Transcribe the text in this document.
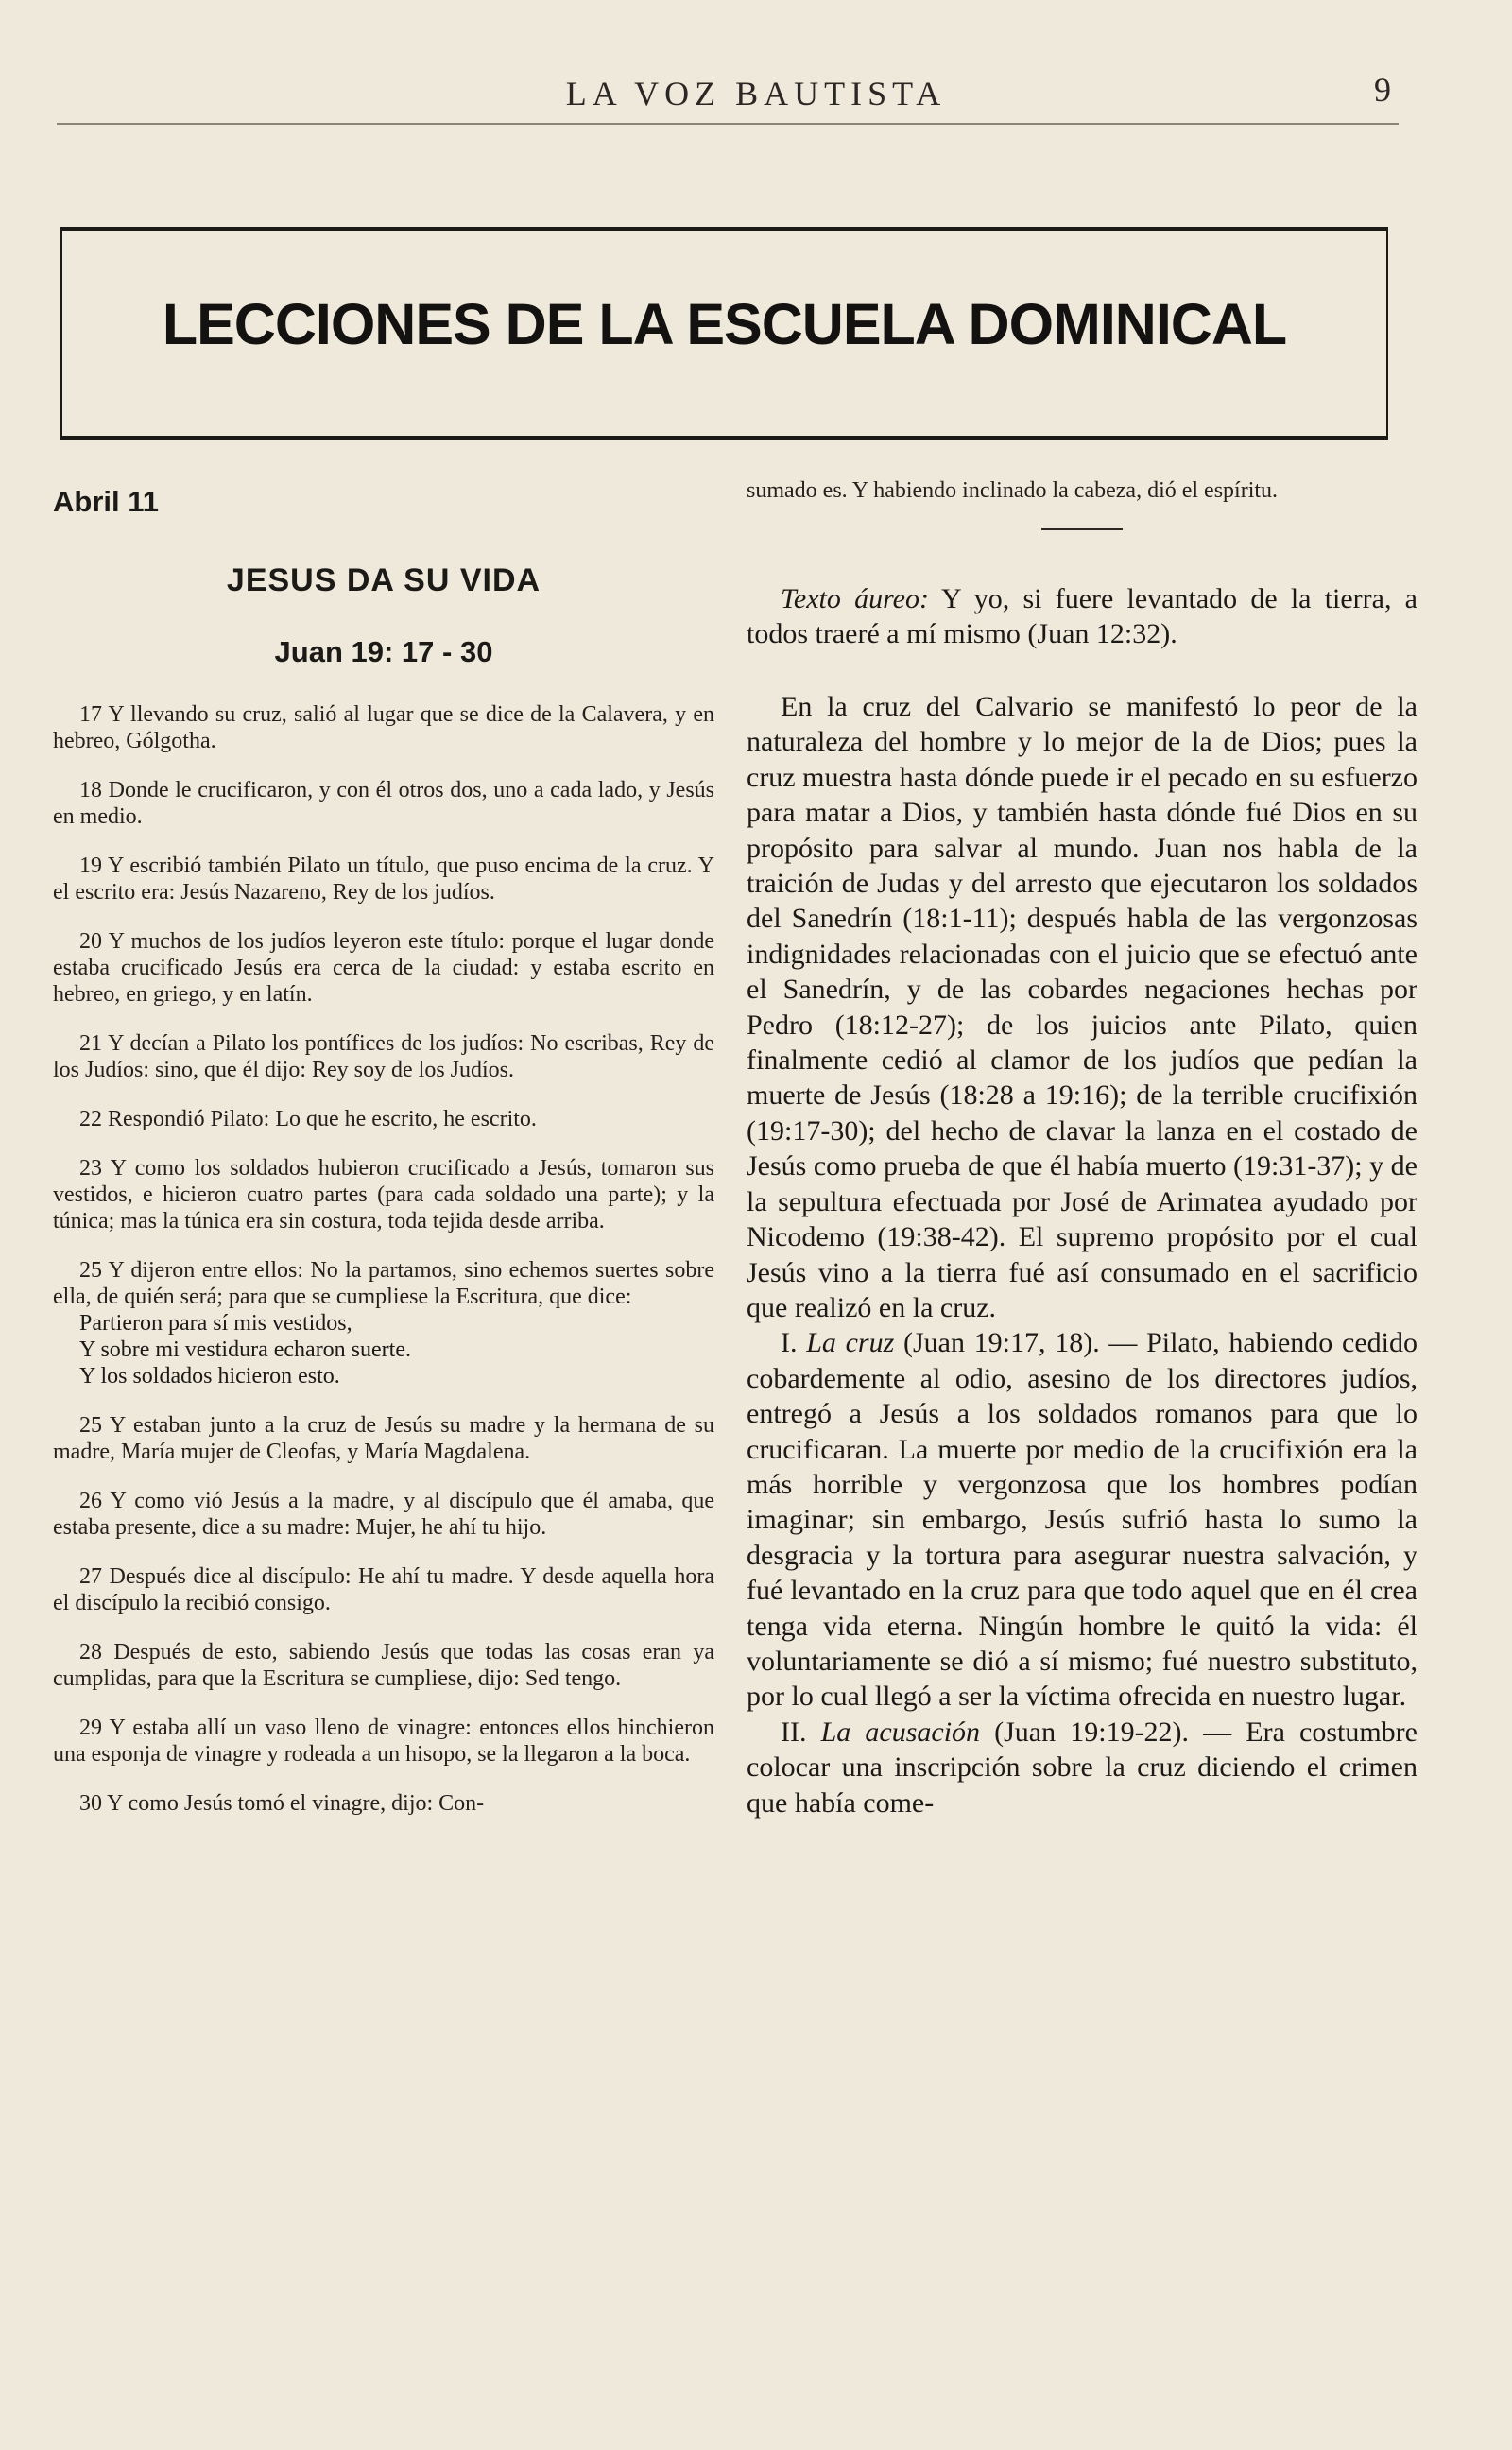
LA VOZ BAUTISTA	9
LECCIONES DE LA ESCUELA DOMINICAL
Abril 11
JESUS DA SU VIDA
Juan 19: 17 - 30

17 Y llevando su cruz, salió al lugar que se dice de la Calavera, y en hebreo, Gólgotha.

18 Donde le crucificaron, y con él otros dos, uno a cada lado, y Jesús en medio.

19 Y escribió también Pilato un título, que puso encima de la cruz. Y el escrito era: Jesús Nazareno, Rey de los judíos.

20 Y muchos de los judíos leyeron este título: porque el lugar donde estaba crucificado Jesús era cerca de la ciudad: y estaba escrito en hebreo, en griego, y en latín.

21 Y decían a Pilato los pontífices de los judíos: No escribas, Rey de los Judíos: sino, que él dijo: Rey soy de los Judíos.

22 Respondió Pilato: Lo que he escrito, he escrito.

23 Y como los soldados hubieron crucificado a Jesús, tomaron sus vestidos, e hicieron cuatro partes (para cada soldado una parte); y la túnica; mas la túnica era sin costura, toda tejida desde arriba.

25 Y dijeron entre ellos: No la partamos, sino echemos suertes sobre ella, de quién será; para que se cumpliese la Escritura, que dice:

Partieron para sí mis vestidos,
Y sobre mi vestidura echaron suerte.
Y los soldados hicieron esto.

25 Y estaban junto a la cruz de Jesús su madre y la hermana de su madre, María mujer de Cleofas, y María Magdalena.

26 Y como vió Jesús a la madre, y al discípulo que él amaba, que estaba presente, dice a su madre: Mujer, he ahí tu hijo.

27 Después dice al discípulo: He ahí tu madre. Y desde aquella hora el discípulo la recibió consigo.

28 Después de esto, sabiendo Jesús que todas las cosas eran ya cumplidas, para que la Escritura se cumpliese, dijo: Sed tengo.

29 Y estaba allí un vaso lleno de vinagre: entonces ellos hinchieron una esponja de vinagre y rodeada a un hisopo, se la llegaron a la boca.

30 Y como Jesús tomó el vinagre, dijo: Con-

sumado es. Y habiendo inclinado la cabeza, dió el espíritu.

Texto áureo: Y yo, si fuere levantado de la tierra, a todos traeré a mí mismo (Juan 12:32).

En la cruz del Calvario se manifestó lo peor de la naturaleza del hombre y lo mejor de la de Dios; pues la cruz muestra hasta dónde puede ir el pecado en su esfuerzo para matar a Dios, y también hasta dónde fué Dios en su propósito para salvar al mundo. Juan nos habla de la traición de Judas y del arresto que ejecutaron los soldados del Sanedrín (18:1-11); después habla de las vergonzosas indignidades relacionadas con el juicio que se efectuó ante el Sanedrín, y de las cobardes negaciones hechas por Pedro (18:12-27); de los juicios ante Pilato, quien finalmente cedió al clamor de los judíos que pedían la muerte de Jesús (18:28 a 19:16); de la terrible crucifixión (19:17-30); del hecho de clavar la lanza en el costado de Jesús como prueba de que él había muerto (19:31-37); y de la sepultura efectuada por José de Arimatea ayudado por Nicodemo (19:38-42). El supremo propósito por el cual Jesús vino a la tierra fué así consumado en el sacrificio que realizó en la cruz.

I. La cruz (Juan 19:17, 18). — Pilato, habiendo cedido cobardemente al odio, asesino de los directores judíos, entregó a Jesús a los soldados romanos para que lo crucificaran. La muerte por medio de la crucifixión era la más horrible y vergonzosa que los hombres podían imaginar; sin embargo, Jesús sufrió hasta lo sumo la desgracia y la tortura para asegurar nuestra salvación, y fué levantado en la cruz para que todo aquel que en él crea tenga vida eterna. Ningún hombre le quitó la vida: él voluntariamente se dió a sí mismo; fué nuestro substituto, por lo cual llegó a ser la víctima ofrecida en nuestro lugar.

II. La acusación (Juan 19:19-22). — Era costumbre colocar una inscripción sobre la cruz diciendo el crimen que había come-
